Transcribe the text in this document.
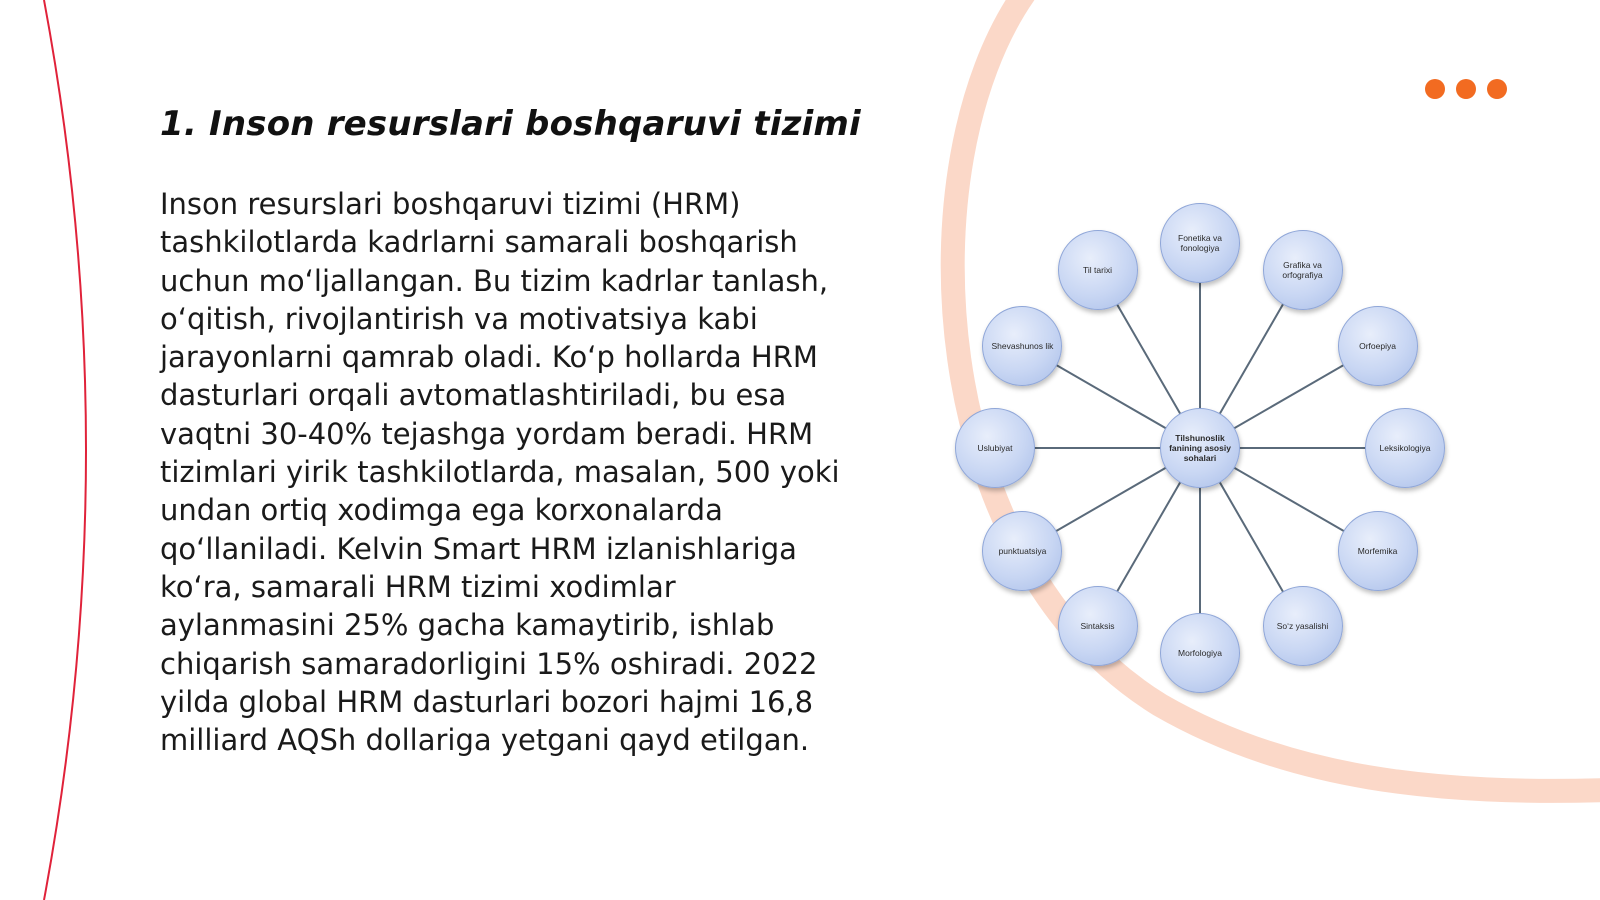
1. Inson resurslari boshqaruvi tizimi

Inson resurslari boshqaruvi tizimi (HRM) tashkilotlarda kadrlarni samarali boshqarish uchun mo‘ljallangan. Bu tizim kadrlar tanlash, o‘qitish, rivojlantirish va motivatsiya kabi jarayonlarni qamrab oladi. Ko‘p hollarda HRM dasturlari orqali avtomatlashtiriladi, bu esa vaqtni 30-40% tejashga yordam beradi. HRM tizimlari yirik tashkilotlarda, masalan, 500 yoki undan ortiq xodimga ega korxonalarda qo‘llaniladi. Kelvin Smart HRM izlanishlariga ko‘ra, samarali HRM tizimi xodimlar aylanmasini 25% gacha kamaytirib, ishlab chiqarish samaradorligini 15% oshiradi. 2022 yilda global HRM dasturlari bozori hajmi 16,8 milliard AQSh dollariga yetgani qayd etilgan.

Tilshunoslik fanining asosiy sohalari
Fonetika va fonologiya
Grafika va orfografiya
Orfoepiya
Leksikologiya
Morfemika
So‘z yasalishi
Morfologiya
Sintaksis
punktuatsiya
Uslubiyat
Shevashunos lik
Til tarixi
